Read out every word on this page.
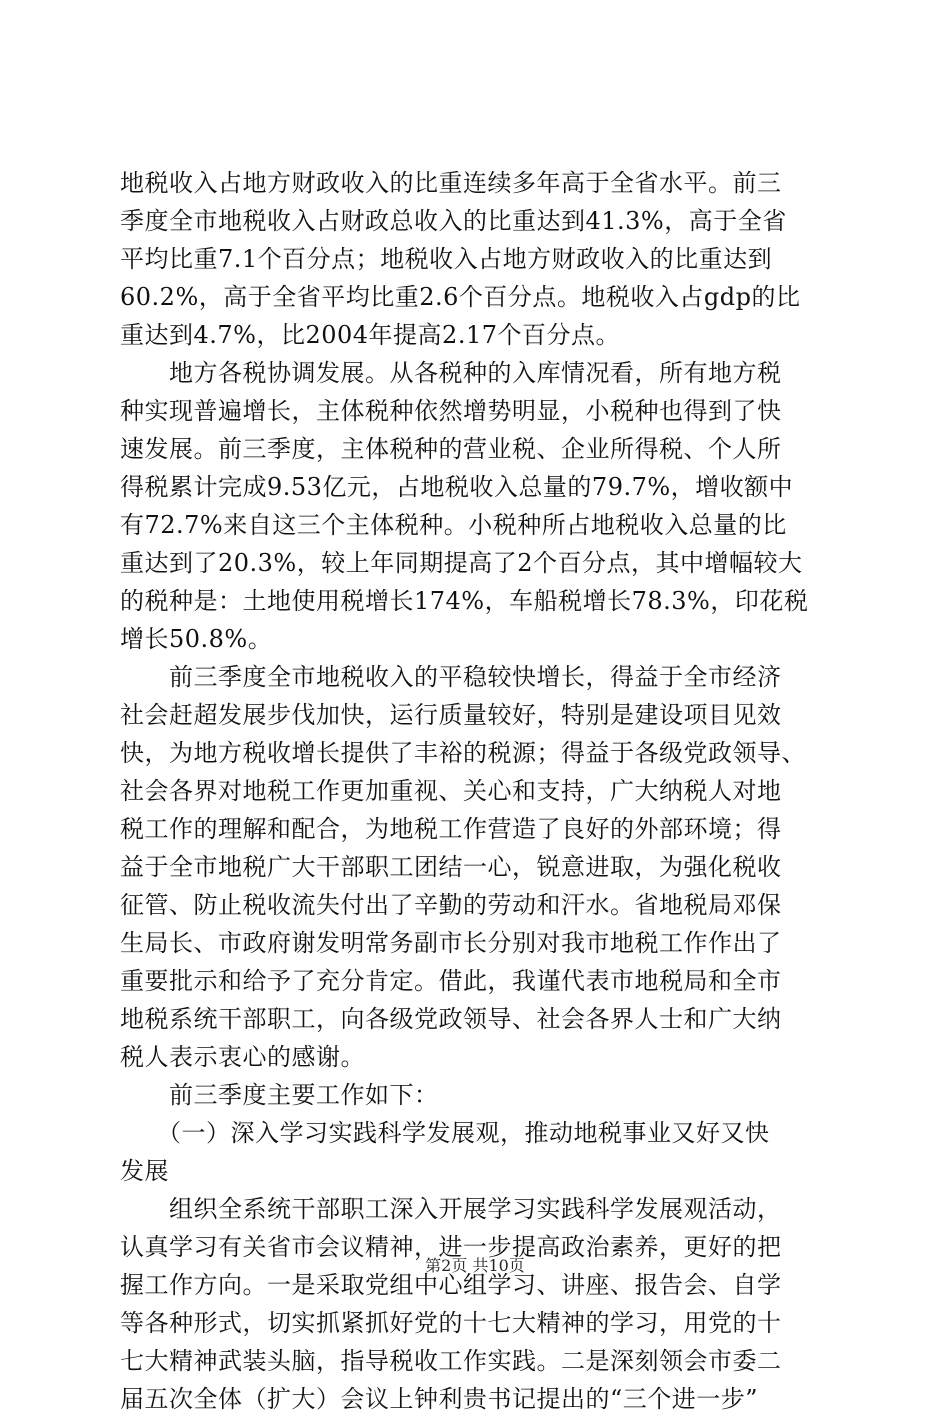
地税收入占地方财政收入的比重连续多年高于全省水平。前三
季度全市地税收入占财政总收入的比重达到41.3%，高于全省
平均比重7.1个百分点；地税收入占地方财政收入的比重达到
60.2%，高于全省平均比重2.6个百分点。地税收入占gdp的比
重达到4.7%，比2004年提高2.17个百分点。
　　地方各税协调发展。从各税种的入库情况看，所有地方税
种实现普遍增长，主体税种依然增势明显，小税种也得到了快
速发展。前三季度，主体税种的营业税、企业所得税、个人所
得税累计完成9.53亿元，占地税收入总量的79.7%，增收额中
有72.7%来自这三个主体税种。小税种所占地税收入总量的比
重达到了20.3%，较上年同期提高了2个百分点，其中增幅较大
的税种是：土地使用税增长174%，车船税增长78.3%，印花税
增长50.8%。
　　前三季度全市地税收入的平稳较快增长，得益于全市经济
社会赶超发展步伐加快，运行质量较好，特别是建设项目见效
快，为地方税收增长提供了丰裕的税源；得益于各级党政领导、
社会各界对地税工作更加重视、关心和支持，广大纳税人对地
税工作的理解和配合，为地税工作营造了良好的外部环境；得
益于全市地税广大干部职工团结一心，锐意进取，为强化税收
征管、防止税收流失付出了辛勤的劳动和汗水。省地税局邓保
生局长、市政府谢发明常务副市长分别对我市地税工作作出了
重要批示和给予了充分肯定。借此，我谨代表市地税局和全市
地税系统干部职工，向各级党政领导、社会各界人士和广大纳
税人表示衷心的感谢。
　　前三季度主要工作如下：
　　（一）深入学习实践科学发展观，推动地税事业又好又快
发展
　　组织全系统干部职工深入开展学习实践科学发展观活动，
认真学习有关省市会议精神，进一步提高政治素养，更好的把
握工作方向。一是采取党组中心组学习、讲座、报告会、自学
等各种形式，切实抓紧抓好党的十七大精神的学习，用党的十
七大精神武装头脑，指导税收工作实践。二是深刻领会市委二
届五次全体（扩大）会议上钟利贵书记提出的“三个进一步”
第2页 共10页
